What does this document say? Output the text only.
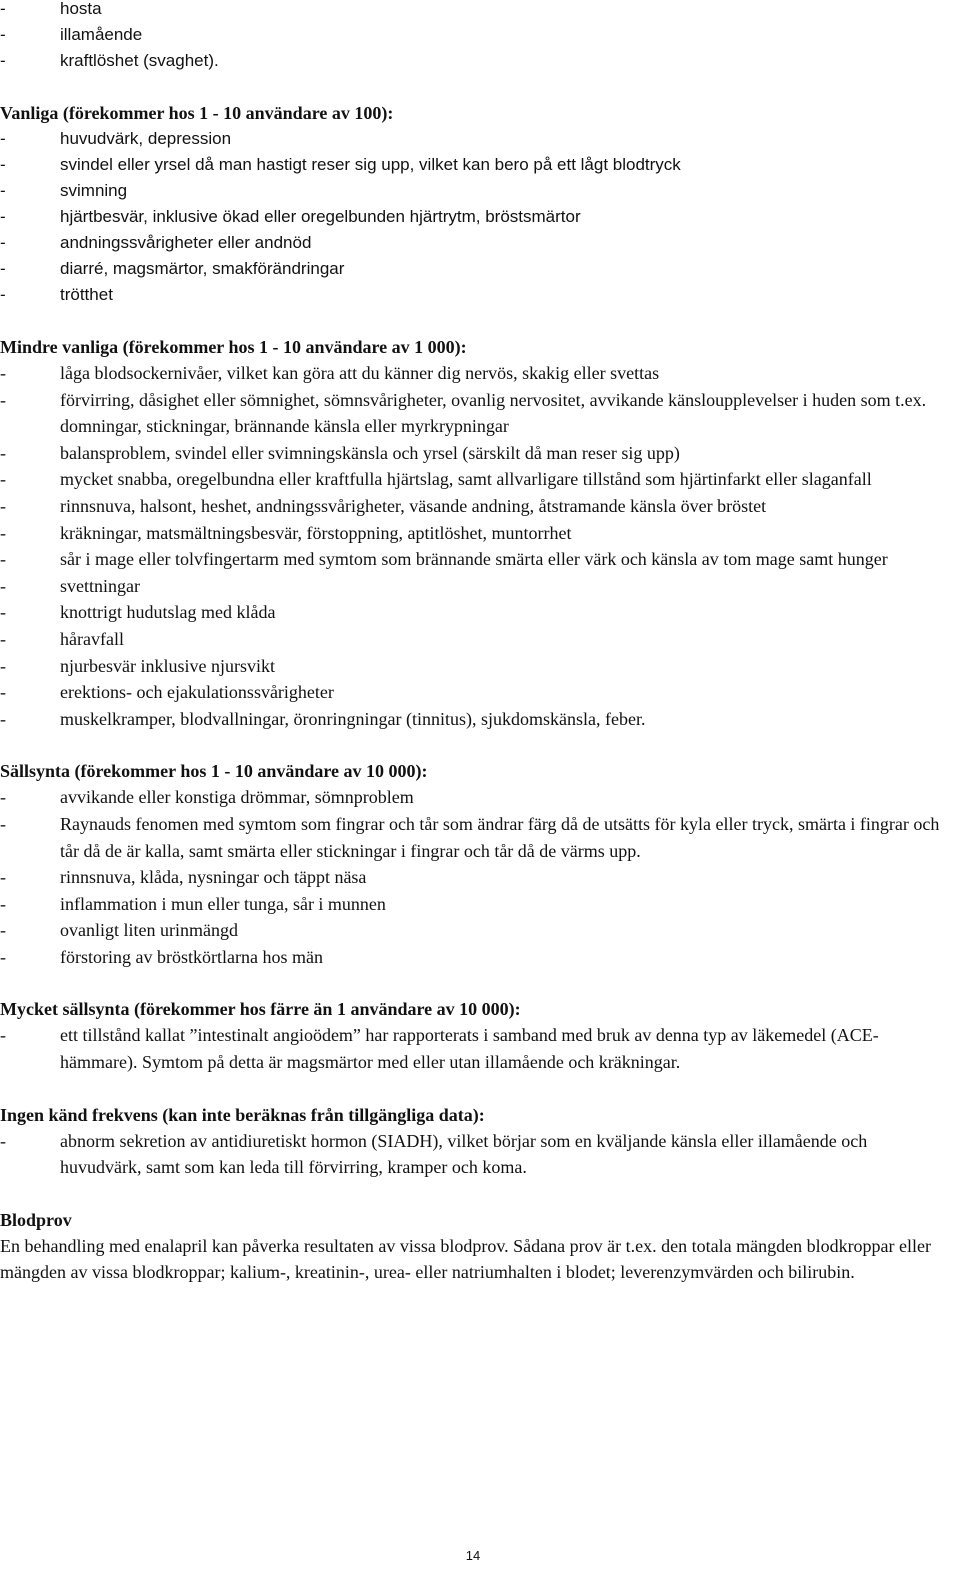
- hosta
- illamående
- kraftlöshet (svaghet).
Vanliga (förekommer hos 1 - 10 användare av 100):
- huvudvärk, depression
- svindel eller yrsel då man hastigt reser sig upp, vilket kan bero på ett lågt blodtryck
- svimning
- hjärtbesvär, inklusive ökad eller oregelbunden hjärtrytm, bröstsmärtor
- andningssvårigheter eller andnöd
- diarré, magsmärtor, smakförändringar
- trötthet
Mindre vanliga (förekommer hos 1 - 10 användare av 1 000):
- låga blodsockernivåer, vilket kan göra att du känner dig nervös, skakig eller svettas
- förvirring, dåsighet eller sömnighet, sömnsvårigheter, ovanlig nervositet, avvikande känsloupplevelser i huden som t.ex. domningar, stickningar, brännande känsla eller myrkrypningar
- balansproblem, svindel eller svimningskänsla och yrsel (särskilt då man reser sig upp)
- mycket snabba, oregelbundna eller kraftfulla hjärtslag, samt allvarligare tillstånd som hjärtinfarkt eller slaganfall
- rinnsnuva, halsont, heshet, andningssvårigheter, väsande andning, åtstramande känsla över bröstet
- kräkningar, matsmältningsbesvär, förstoppning, aptitlöshet, muntorrhet
- sår i mage eller tolvfingertarm med symtom som brännande smärta eller värk och känsla av tom mage samt hunger
- svettningar
- knottrigt hudutslag med klåda
- håravfall
- njurbesvär inklusive njursvikt
- erektions- och ejakulationssvårigheter
- muskelkramper, blodvallningar, öronringningar (tinnitus), sjukdomskänsla, feber.
Sällsynta (förekommer hos 1 - 10 användare av 10 000):
- avvikande eller konstiga drömmar, sömnproblem
- Raynauds fenomen med symtom som fingrar och tår som ändrar färg då de utsätts för kyla eller tryck, smärta i fingrar och tår då de är kalla, samt smärta eller stickningar i fingrar och tår då de värms upp.
- rinnsnuva, klåda, nysningar och täppt näsa
- inflammation i mun eller tunga, sår i munnen
- ovanligt liten urinmängd
- förstoring av bröstkörtlarna hos män
Mycket sällsynta (förekommer hos färre än 1 användare av 10 000):
- ett tillstånd kallat ”intestinalt angioödem” har rapporterats i samband med bruk av denna typ av läkemedel (ACE-hämmare). Symtom på detta är magsmärtor med eller utan illamående och kräkningar.
Ingen känd frekvens (kan inte beräknas från tillgängliga data):
- abnorm sekretion av antidiuretiskt hormon (SIADH), vilket börjar som en kväljande känsla eller illamående och huvudvärk, samt som kan leda till förvirring, kramper och koma.
Blodprov

En behandling med enalapril kan påverka resultaten av vissa blodprov. Sådana prov är t.ex. den totala mängden blodkroppar eller mängden av vissa blodkroppar; kalium-, kreatinin-, urea- eller natriumhalten i blodet; leverenzymvärden och bilirubin.

14
